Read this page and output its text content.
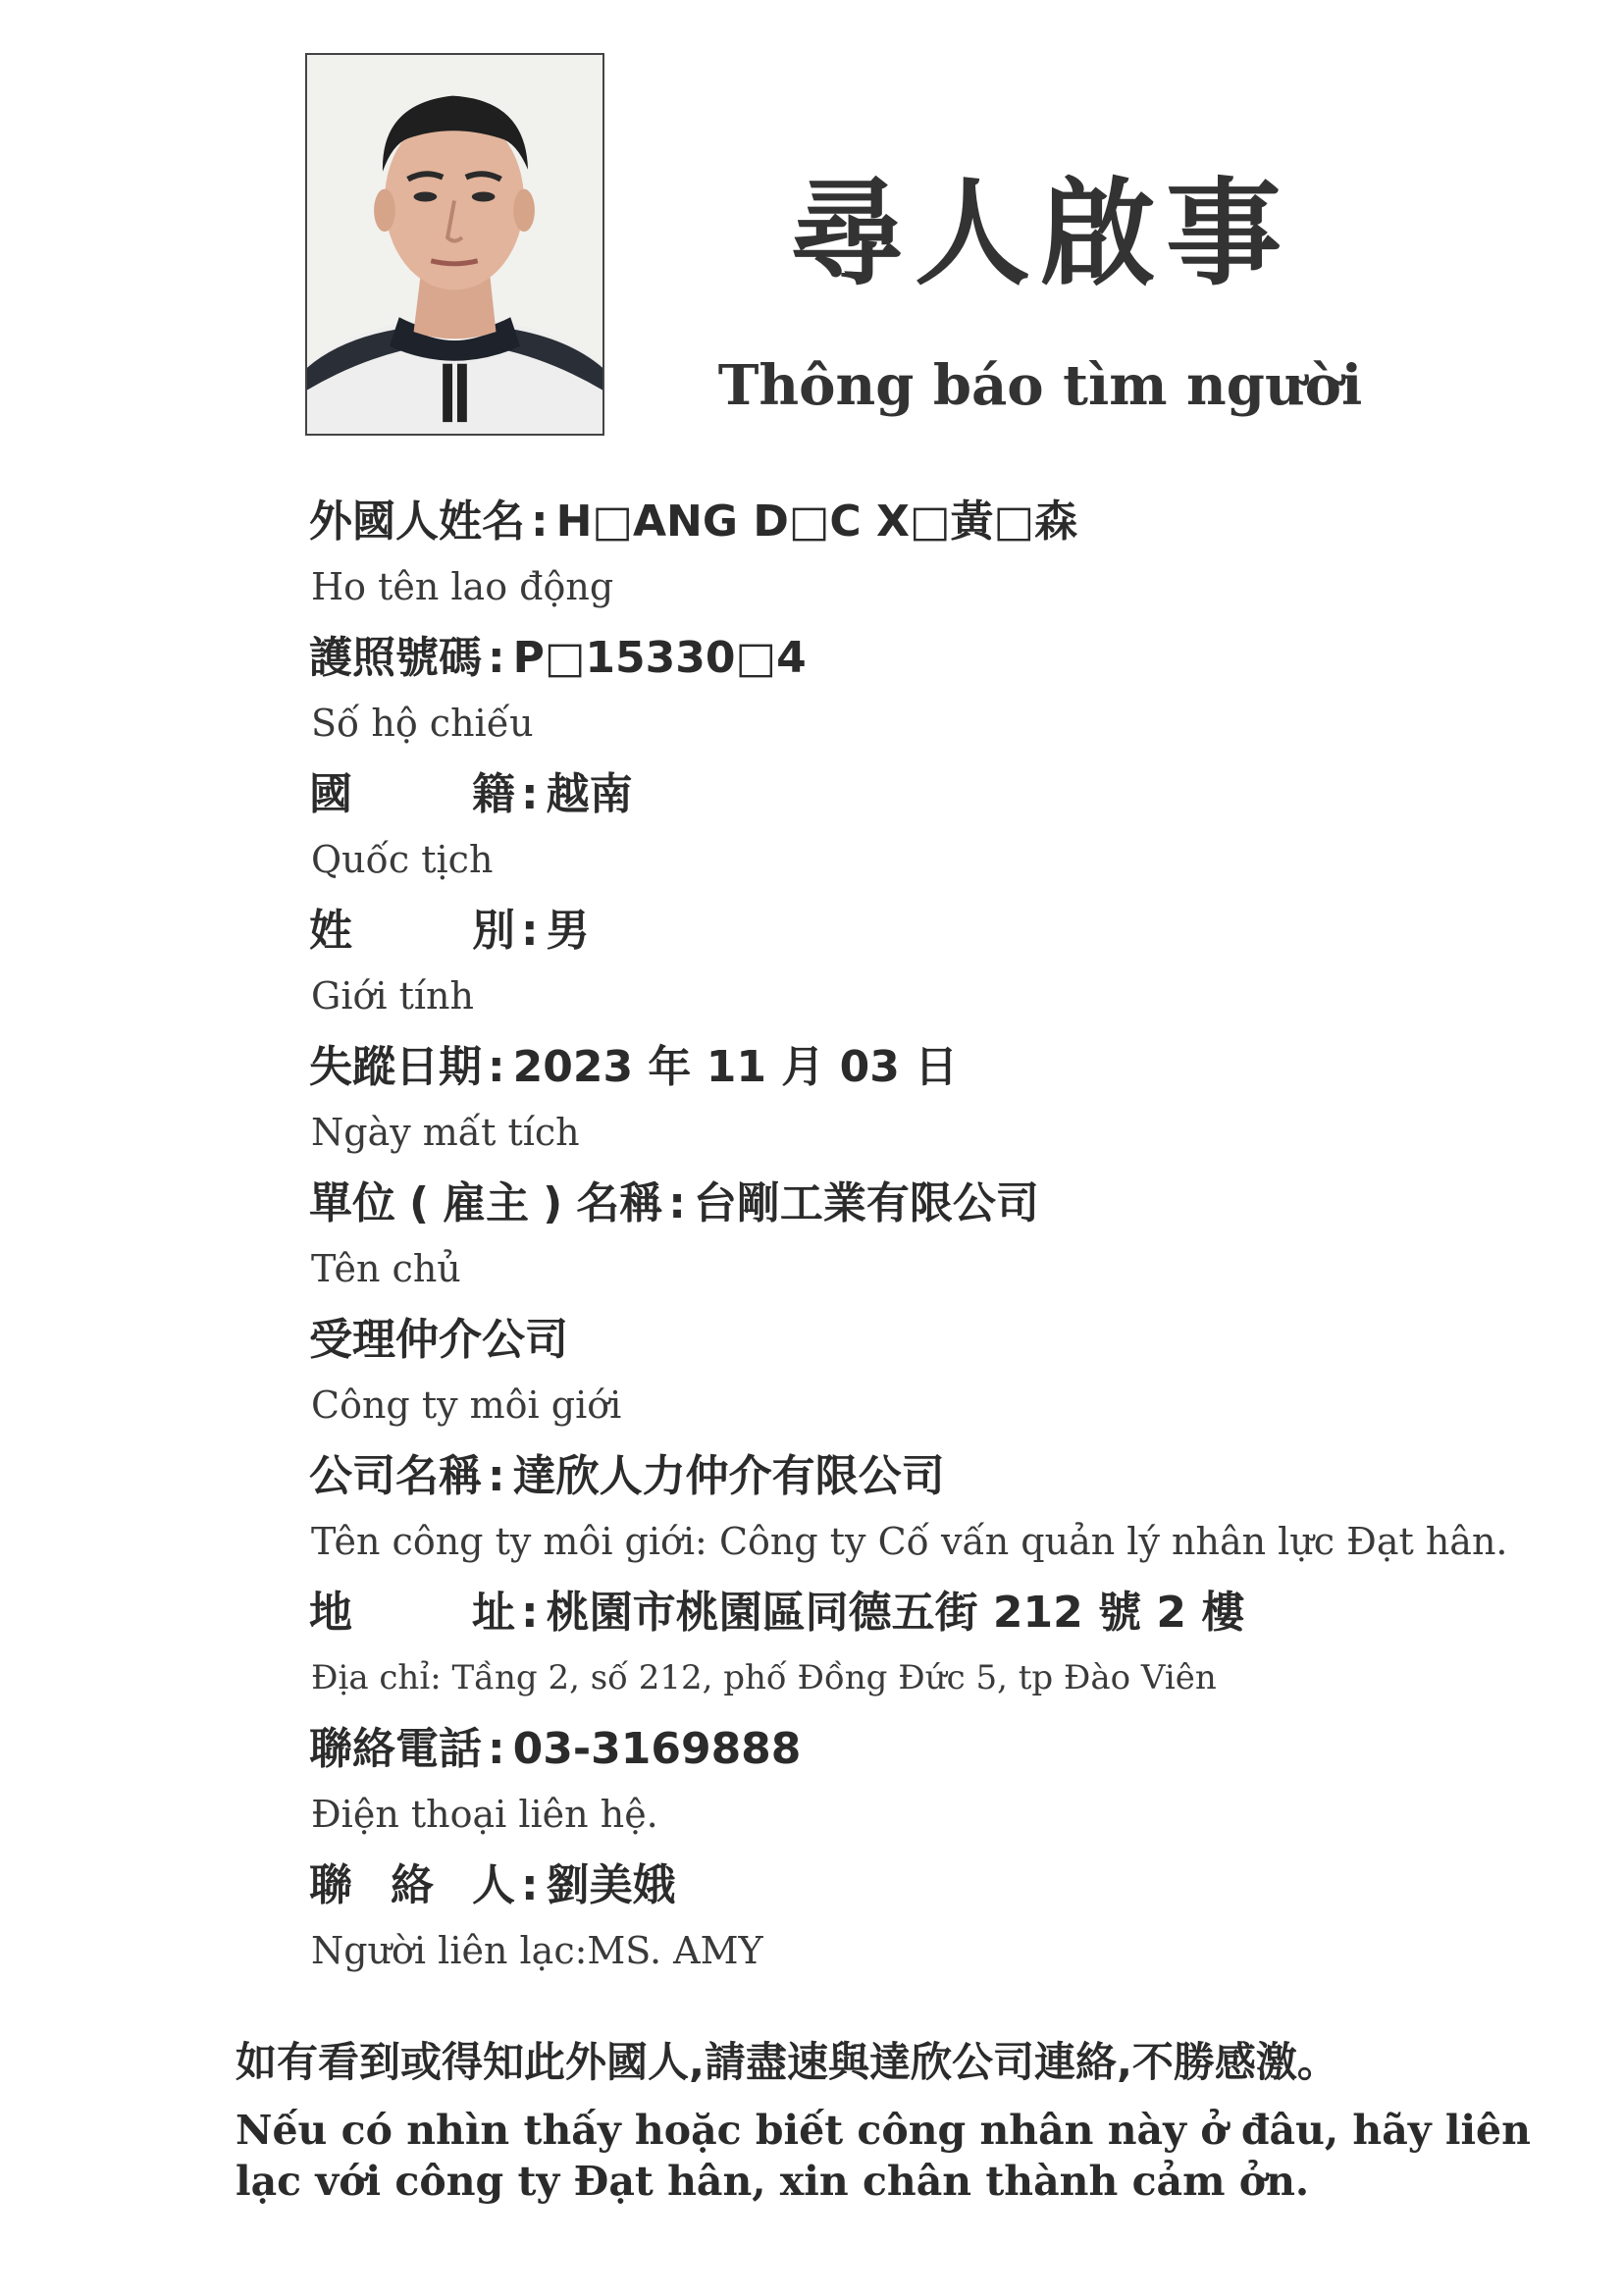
尋人啟事
Thông báo tìm người
外國人姓名 : H□ANG D□C X□黃□森
Ho tên lao động
護照號碼 : P□15330□4
Số hộ chiếu
國	籍 : 越南
Quốc tịch
姓	別 : 男
Giới tính
失蹤日期 : 2023 年 11 月 03 日
Ngày mất tích
單位 ( 雇主 ) 名稱 : 台剛工業有限公司
Tên chủ
受理仲介公司
Công ty môi giới
公司名稱 : 達欣人力仲介有限公司
Tên công ty môi giới: Công ty Cố vấn quản lý nhân lực Đạt hân.
地	址 : 桃園市桃園區同德五街 212 號 2 樓
Địa chỉ: Tầng 2, số 212, phố Đồng Đức 5, tp Đào Viên
聯絡電話 : 03-3169888
Điện thoại liên hệ.
聯 絡 人 : 劉美娥
Người liên lạc:MS. AMY
如有看到或得知此外國人,請盡速與達欣公司連絡,不勝感激。
Nếu có nhìn thấy hoặc biết công nhân này ở đâu, hãy liên lạc với công ty Đạt hân, xin chân thành cảm ởn.
